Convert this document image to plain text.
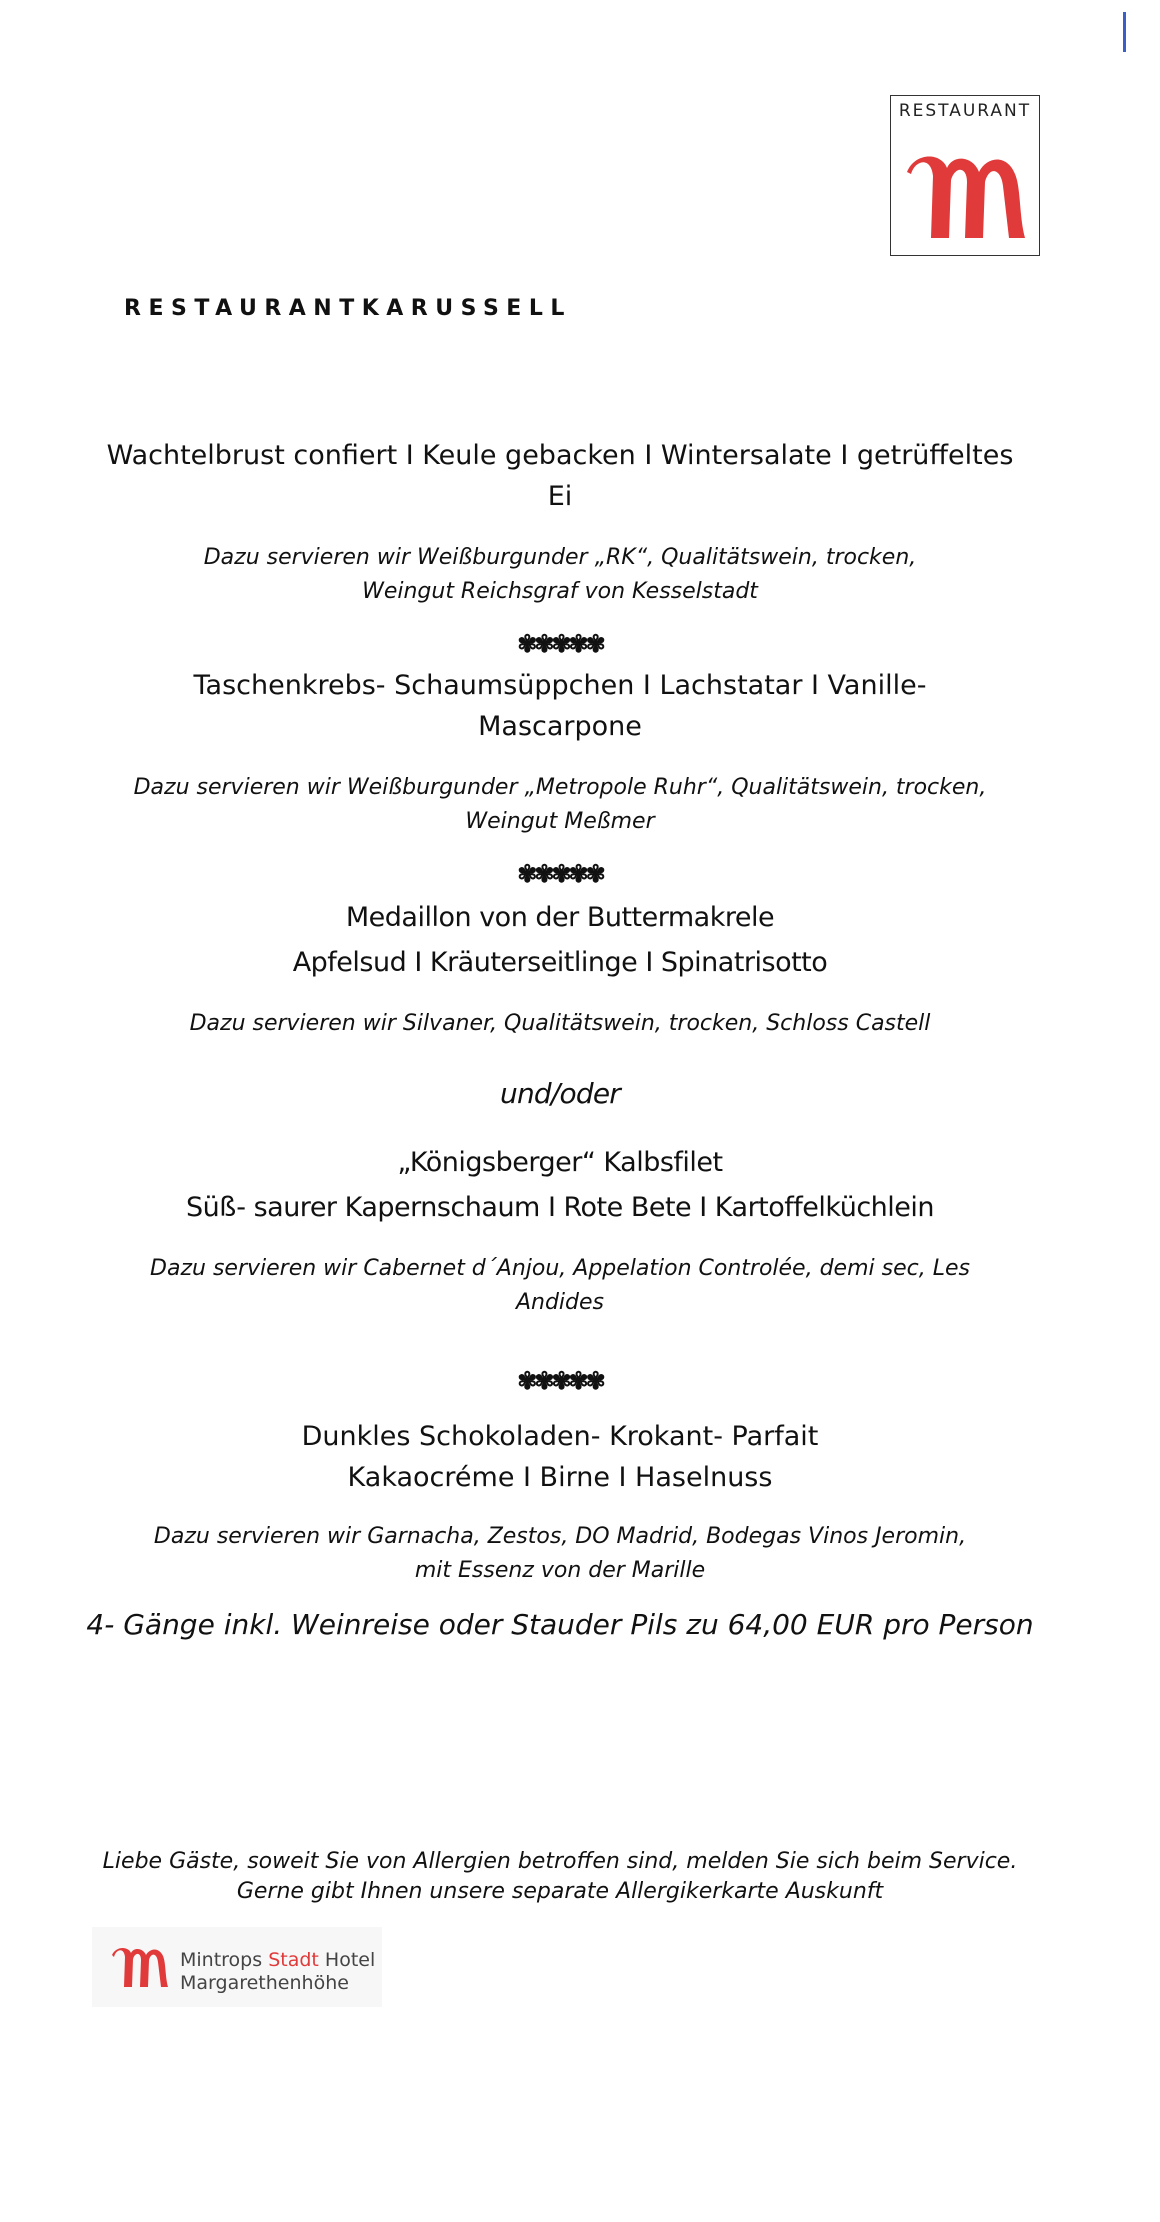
RESTAURANT
RESTAURANTKARUSSELL

Wachtelbrust confiert I Keule gebacken I Wintersalate I getrüffeltes

Ei

Dazu servieren wir Weißburgunder „RK“, Qualitätswein, trocken,

Weingut Reichsgraf von Kesselstadt

✾✾✾✾✾

Taschenkrebs- Schaumsüppchen I Lachstatar I Vanille-

Mascarpone

Dazu servieren wir Weißburgunder „Metropole Ruhr“, Qualitätswein, trocken,

Weingut Meßmer

✾✾✾✾✾

Medaillon von der Buttermakrele

Apfelsud I Kräuterseitlinge I Spinatrisotto

Dazu servieren wir Silvaner, Qualitätswein, trocken, Schloss Castell

und/oder

„Königsberger“ Kalbsfilet

Süß- saurer Kapernschaum I Rote Bete I Kartoffelküchlein

Dazu servieren wir Cabernet d´Anjou, Appelation Controlée, demi sec, Les

Andides

✾✾✾✾✾

Dunkles Schokoladen- Krokant- Parfait

Kakaocréme I Birne I Haselnuss

Dazu servieren wir Garnacha, Zestos, DO Madrid, Bodegas Vinos Jeromin,

mit Essenz von der Marille

4- Gänge inkl. Weinreise oder Stauder Pils zu 64,00 EUR pro Person

Liebe Gäste, soweit Sie von Allergien betroffen sind, melden Sie sich beim Service.
Gerne gibt Ihnen unsere separate Allergikerkarte Auskunft
Mintrops Stadt Hotel
Margarethenhöhe
